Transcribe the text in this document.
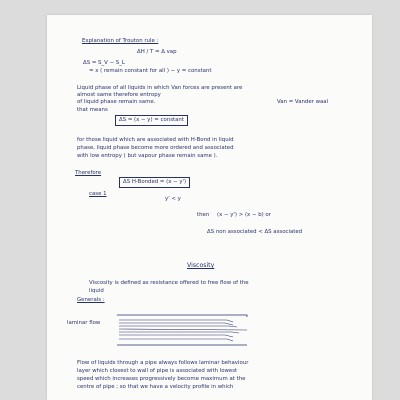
Explanation of Trouton rule :
ΔH / T = Δ vap
ΔS = S_V − S_L
= x ( remain constant for all ) − y = constant
Liquid phase of all liquids in which Van forces are present are
almost same therefore entropy
of liquid phase remain same.	Van = Vander waal
that means
ΔS = (x − y) = constant
for those liquid which are associated with H-Bond in liquid
phase, liquid phase become more ordered and associated
with low entropy ( but vapour phase remain same ).
Therefore
ΔS H-Bonded = (x − y')
case 1
y' < y
then (x − y') > (x − b) or
ΔS non associated < ΔS associated
Viscosity
Viscosity is defined as resistance offered to free flow of the
liquid
Generals :
laminar flow
Flow of liquids through a pipe always follows laminar behaviour
layer which closest to wall of pipe is associated with lowest
speed which increases progressively become maximum at the
centre of pipe ; so that we have a velocity profile in which
